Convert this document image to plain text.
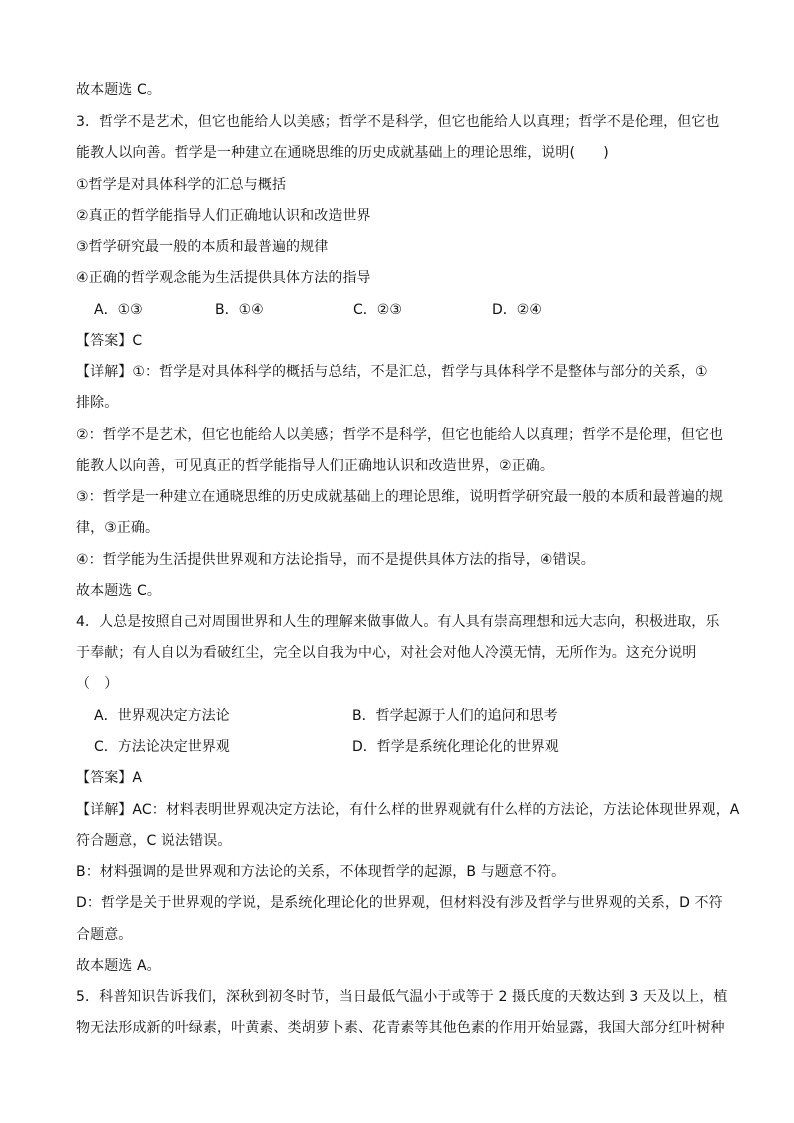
故本题选 C。
3．哲学不是艺术，但它也能给人以美感；哲学不是科学，但它也能给人以真理；哲学不是伦理，但它也
能教人以向善。哲学是一种建立在通晓思维的历史成就基础上的理论思维，说明(　　)
①哲学是对具体科学的汇总与概括
②真正的哲学能指导人们正确地认识和改造世界
③哲学研究最一般的本质和最普遍的规律
④正确的哲学观念能为生活提供具体方法的指导
A．①③	B．①④	C．②③	D．②④
【答案】C
【详解】①：哲学是对具体科学的概括与总结，不是汇总，哲学与具体科学不是整体与部分的关系，①
排除。
②：哲学不是艺术，但它也能给人以美感；哲学不是科学，但它也能给人以真理；哲学不是伦理，但它也
能教人以向善，可见真正的哲学能指导人们正确地认识和改造世界，②正确。
③：哲学是一种建立在通晓思维的历史成就基础上的理论思维，说明哲学研究最一般的本质和最普遍的规
律，③正确。
④：哲学能为生活提供世界观和方法论指导，而不是提供具体方法的指导，④错误。
故本题选 C。
4．人总是按照自己对周围世界和人生的理解来做事做人。有人具有崇高理想和远大志向，积极进取，乐
于奉献；有人自以为看破红尘，完全以自我为中心，对社会对他人冷漠无情，无所作为。这充分说明
（　）
A．世界观决定方法论	B．哲学起源于人们的追问和思考
C．方法论决定世界观	D．哲学是系统化理论化的世界观
【答案】A
【详解】AC：材料表明世界观决定方法论，有什么样的世界观就有什么样的方法论，方法论体现世界观，A
符合题意，C 说法错误。
B：材料强调的是世界观和方法论的关系，不体现哲学的起源，B 与题意不符。
D：哲学是关于世界观的学说，是系统化理论化的世界观，但材料没有涉及哲学与世界观的关系，D 不符
合题意。
故本题选 A。
5．科普知识告诉我们，深秋到初冬时节，当日最低气温小于或等于 2 摄氏度的天数达到 3 天及以上，植
物无法形成新的叶绿素，叶黄素、类胡萝卜素、花青素等其他色素的作用开始显露，我国大部分红叶树种
